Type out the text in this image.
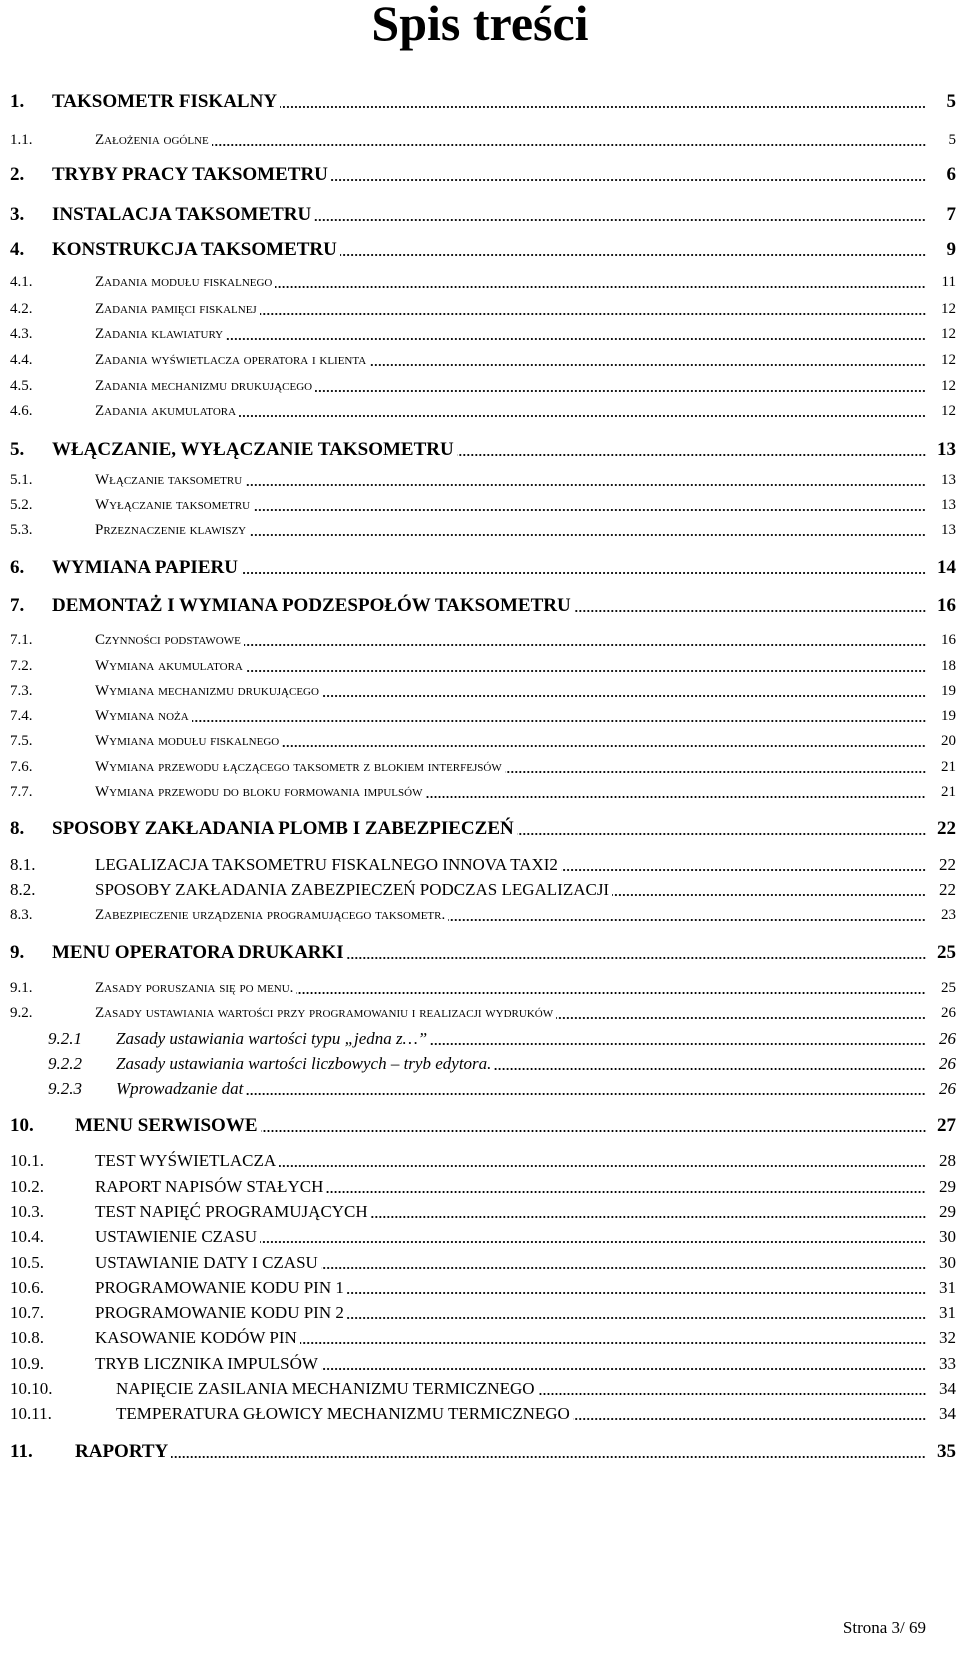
Spis treści
1. TAKSOMETR FISKALNY	5
1.1.	Założenia ogólne	5
2. TRYBY PRACY TAKSOMETRU	6
3. INSTALACJA TAKSOMETRU	7
4. KONSTRUKCJA TAKSOMETRU	9
4.1.	Zadania modułu fiskalnego	11
4.2.	Zadania pamięci fiskalnej	12
4.3.	Zadania klawiatury	12
4.4.	Zadania wyświetlacza operatora i klienta	12
4.5.	Zadania mechanizmu drukującego	12
4.6.	Zadania akumulatora	12
5. WŁĄCZANIE, WYŁĄCZANIE TAKSOMETRU	13
5.1.	Włączanie taksometru	13
5.2.	Wyłączanie taksometru	13
5.3.	Przeznaczenie klawiszy	13
6. WYMIANA PAPIERU	14
7. DEMONTAŻ I WYMIANA PODZESPOŁÓW TAKSOMETRU	16
7.1.	Czynności podstawowe	16
7.2.	Wymiana akumulatora	18
7.3.	Wymiana mechanizmu drukującego	19
7.4.	Wymiana noża	19
7.5.	Wymiana modułu fiskalnego	20
7.6.	Wymiana przewodu łączącego taksometr z blokiem interfejsów	21
7.7.	Wymiana przewodu do bloku formowania impulsów	21
8. SPOSOBY ZAKŁADANIA PLOMB I ZABEZPIECZEŃ	22
8.1.	LEGALIZACJA TAKSOMETRU FISKALNEGO INNOVA TAXI2	22
8.2.	SPOSOBY ZAKŁADANIA ZABEZPIECZEŃ PODCZAS LEGALIZACJI	22
8.3.	Zabezpieczenie urządzenia programującego taksometr.	23
9. MENU OPERATORA DRUKARKI	25
9.1.	Zasady poruszania się po menu.	25
9.2.	Zasady ustawiania wartości przy programowaniu i realizacji wydruków	26
9.2.1 Zasady ustawiania wartości typu „jedna z…”	26
9.2.2 Zasady ustawiania wartości liczbowych – tryb edytora.	26
9.2.3 Wprowadzanie dat	26
10. MENU SERWISOWE	27
10.1.	TEST WYŚWIETLACZA	28
10.2.	RAPORT NAPISÓW STAŁYCH	29
10.3.	TEST NAPIĘĆ PROGRAMUJĄCYCH	29
10.4.	USTAWIENIE CZASU	30
10.5.	USTAWIANIE DATY I CZASU	30
10.6.	PROGRAMOWANIE KODU PIN 1	31
10.7.	PROGRAMOWANIE KODU PIN 2	31
10.8.	KASOWANIE KODÓW PIN	32
10.9.	TRYB LICZNIKA IMPULSÓW	33
10.10.	NAPIĘCIE ZASILANIA MECHANIZMU TERMICZNEGO	34
10.11.	TEMPERATURA GŁOWICY MECHANIZMU TERMICZNEGO	34
11. RAPORTY	35
Strona 3/ 69
